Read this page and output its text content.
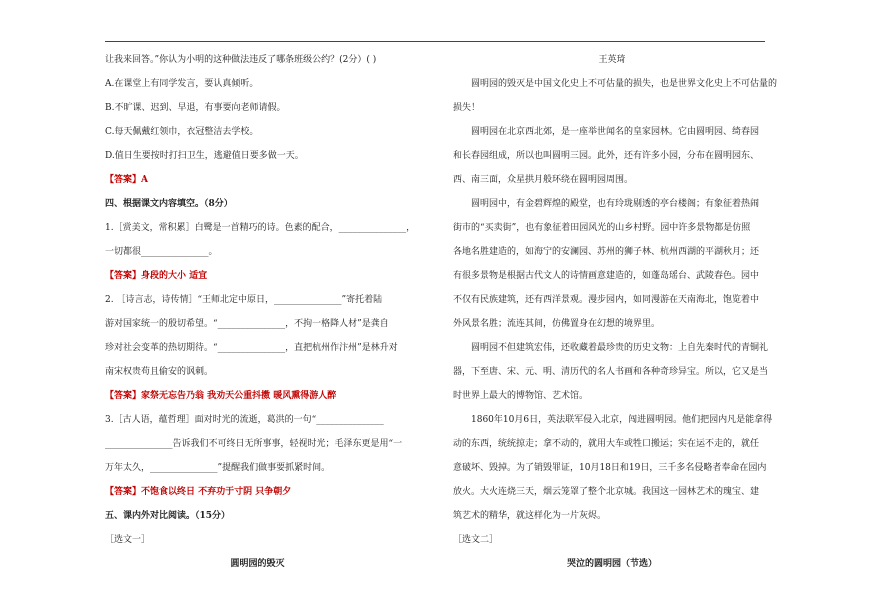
让我来回答。”你认为小明的这种做法违反了哪条班级公约？(2分）( )
A.在课堂上有同学发言，要认真倾听。
B.不旷课、迟到、早退，有事要向老师请假。
C.每天佩戴红领巾，衣冠整洁去学校。
D.值日生要按时打扫卫生，逃避值日要多做一天。
【答案】A
四、根据课文内容填空。（8分）
1.［赏美文，常积累］白鹭是一首精巧的诗。色素的配合，_______________，
一切都很_______________。
【答案】身段的大小 适宜
2. ［诗言志，诗传情］“王师北定中原日，_______________”寄托着陆
游对国家统一的殷切希望。“_______________，不拘一格降人材”是龚自
珍对社会变革的热切期待。“_______________，直把杭州作汴州”是林升对
南宋权贵苟且偷安的讽刺。
【答案】家祭无忘告乃翁 我劝天公重抖擞 暖风熏得游人醉
3.［古人语，蕴哲理］面对时光的流逝，葛洪的一句“_______________
_______________告诉我们不可终日无所事事，轻视时光；毛泽东更是用“一
万年太久，_______________”提醒我们做事要抓紧时间。
【答案】不饱食以终日 不弃功于寸阴 只争朝夕
五、课内外对比阅读。（15分）
［选文一］
圆明园的毁灭
王英琦
圆明园的毁灭是中国文化史上不可估量的损失，也是世界文化史上不可估量的
损失！
圆明园在北京西北郊，是一座举世闻名的皇家园林。它由圆明园、绮春园
和长春园组成，所以也叫圆明三园。此外，还有许多小园，分布在圆明园东、
西、南三面，众星拱月般环绕在圆明园周围。
圆明园中，有金碧辉煌的殿堂，也有玲珑剔透的亭台楼阁；有象征着热闹
街市的“买卖街”，也有象征着田园风光的山乡村野。园中许多景物都是仿照
各地名胜建造的，如海宁的安澜园、苏州的狮子林、杭州西湖的平湖秋月；还
有很多景物是根据古代文人的诗情画意建造的，如蓬岛瑶台、武陵春色。园中
不仅有民族建筑，还有西洋景观。漫步园内，如同漫游在天南海北，饱览着中
外风景名胜；流连其间，仿佛置身在幻想的境界里。
圆明园不但建筑宏伟，还收藏着最珍贵的历史文物：上自先秦时代的青铜礼
器，下至唐、宋、元、明、清历代的名人书画和各种奇珍异宝。所以，它又是当
时世界上最大的博物馆、艺术馆。
1860年10月6日，英法联军侵入北京，闯进圆明园。他们把园内凡是能拿得
动的东西，统统掠走；拿不动的，就用大车或牲口搬运；实在运不走的，就任
意破坏、毁掉。为了销毁罪证，10月18日和19日，三千多名侵略者奉命在园内
放火。大火连烧三天，烟云笼罩了整个北京城。我国这一园林艺术的瑰宝、建
筑艺术的精华，就这样化为一片灰烬。
［选文二］
哭泣的圆明园（节选）
